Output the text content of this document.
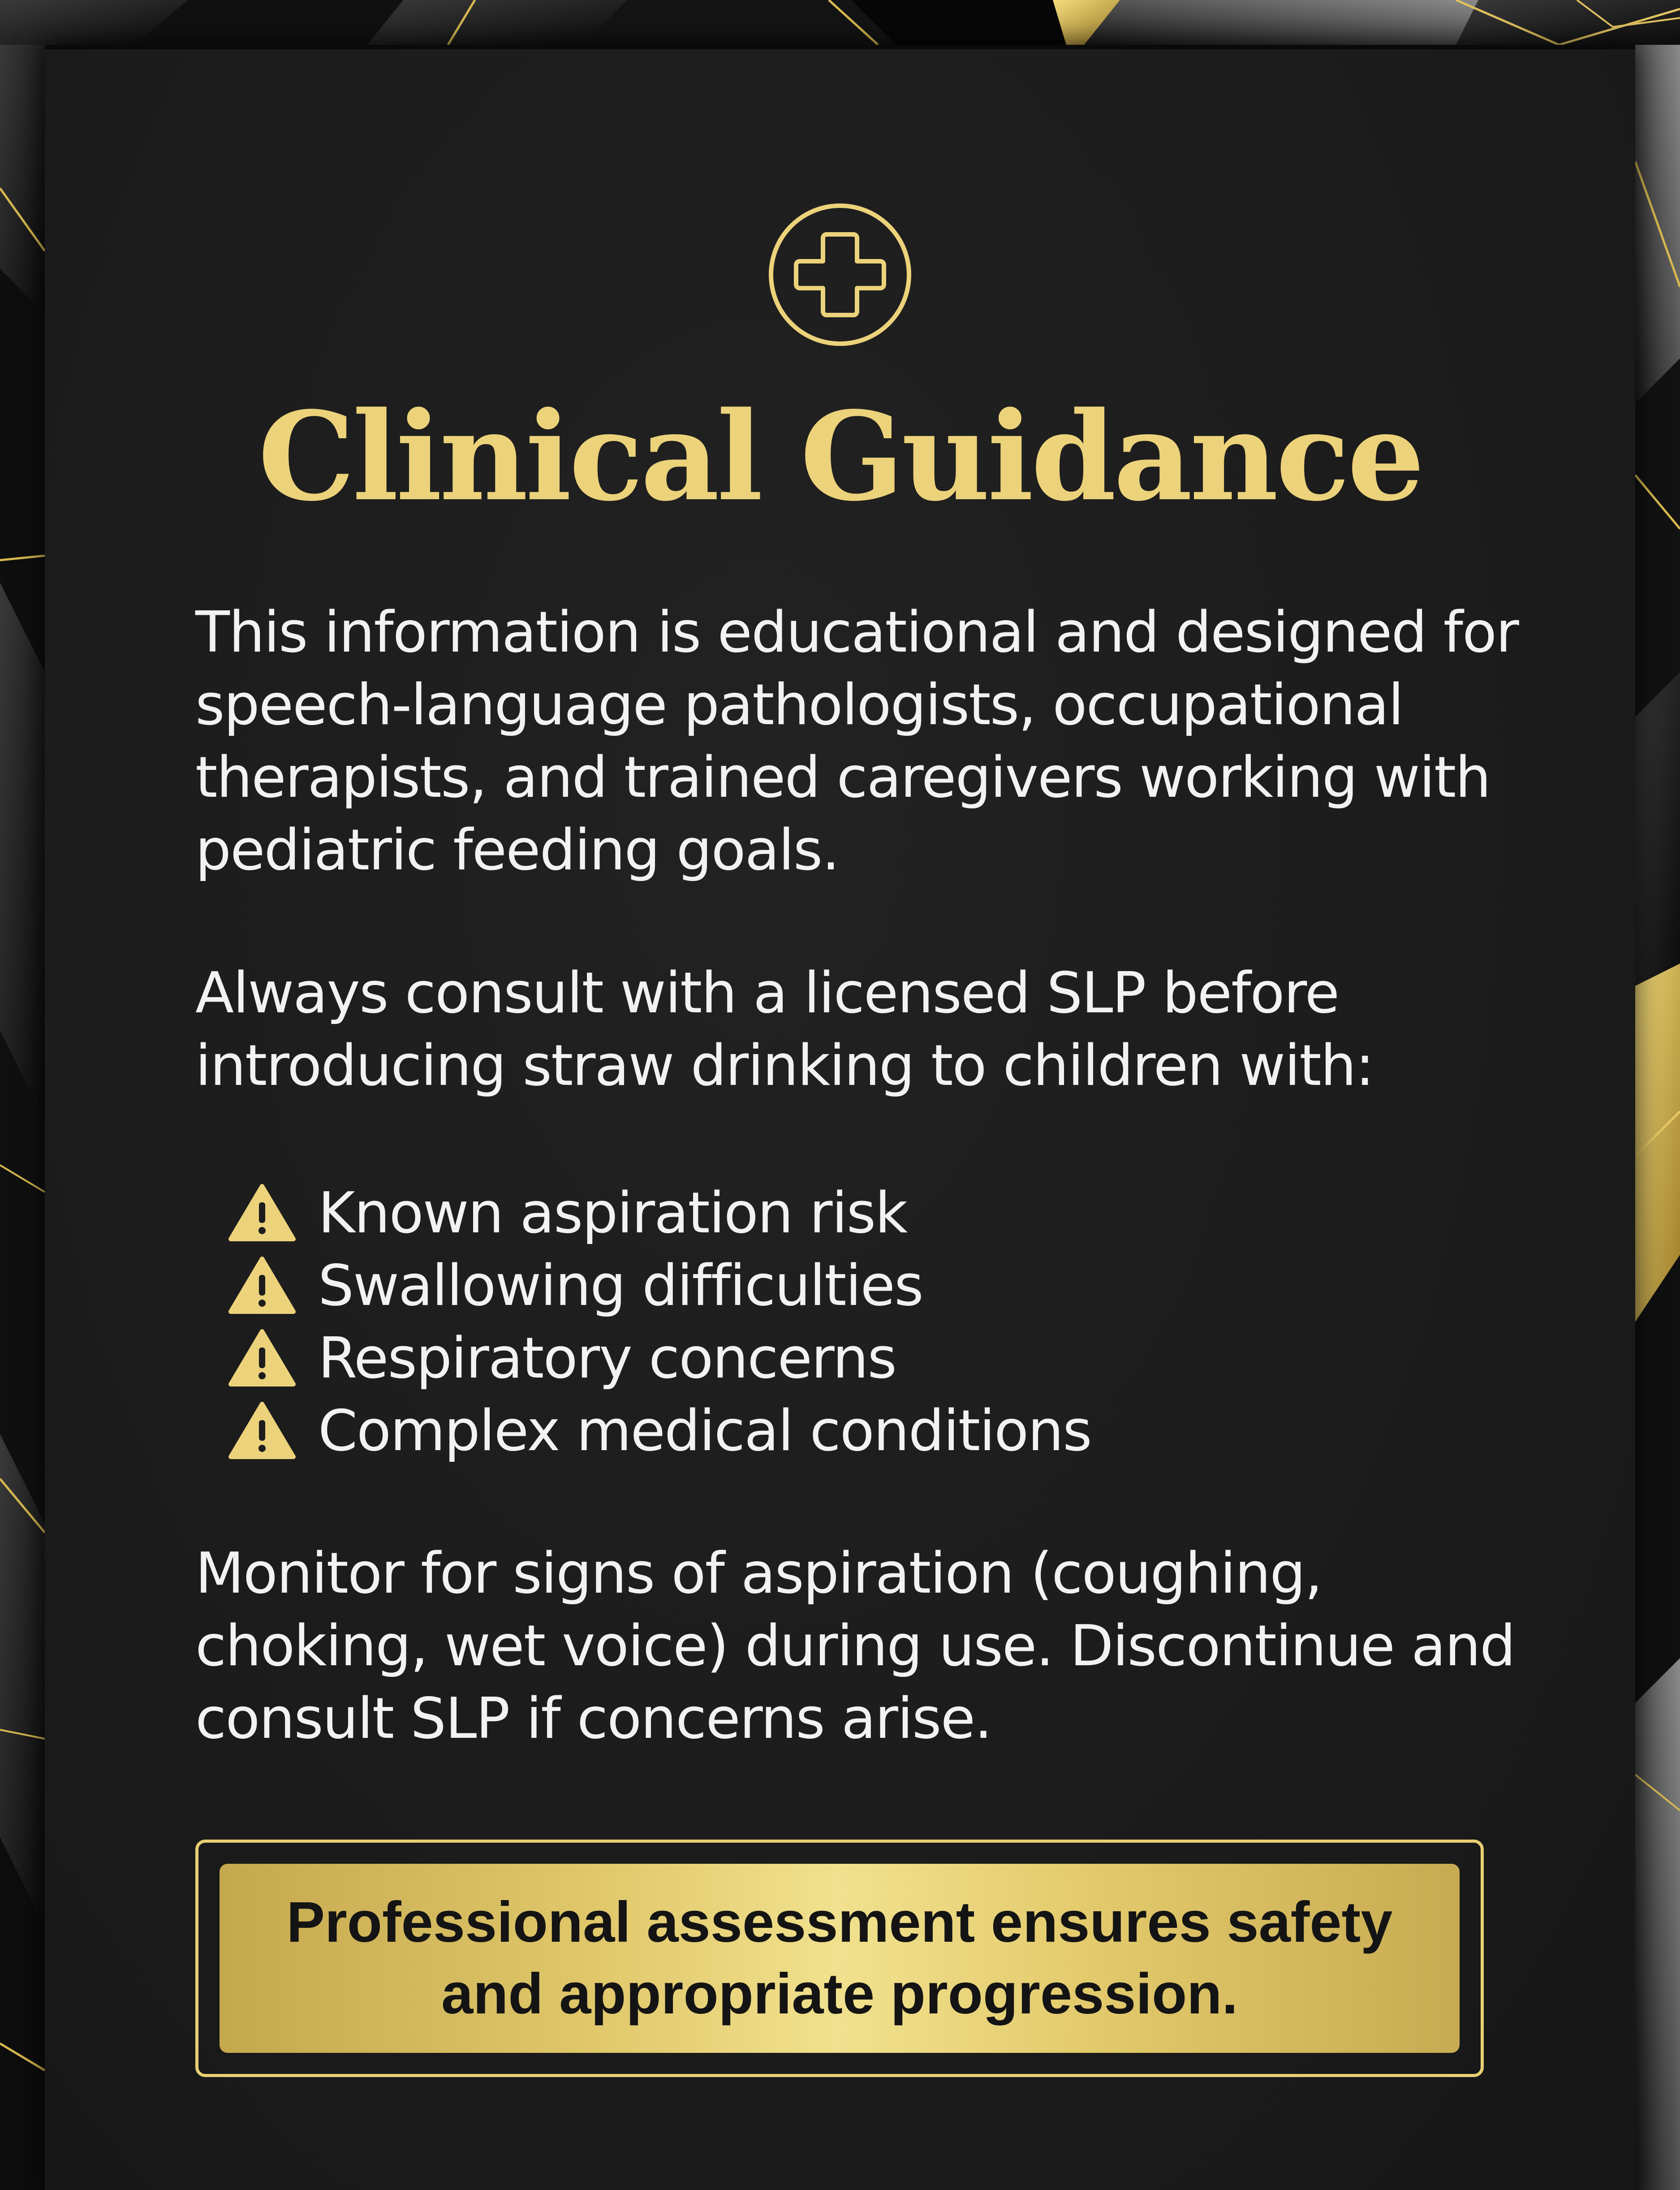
Clinical Guidance

This information is educational and designed for speech-language pathologists, occupational therapists, and trained caregivers working with pediatric feeding goals.

Always consult with a licensed SLP before introducing straw drinking to children with:

Known aspiration risk
Swallowing difficulties
Respiratory concerns
Complex medical conditions

Monitor for signs of aspiration (coughing, choking, wet voice) during use. Discontinue and consult SLP if concerns arise.

Professional assessment ensures safety
and appropriate progression.
